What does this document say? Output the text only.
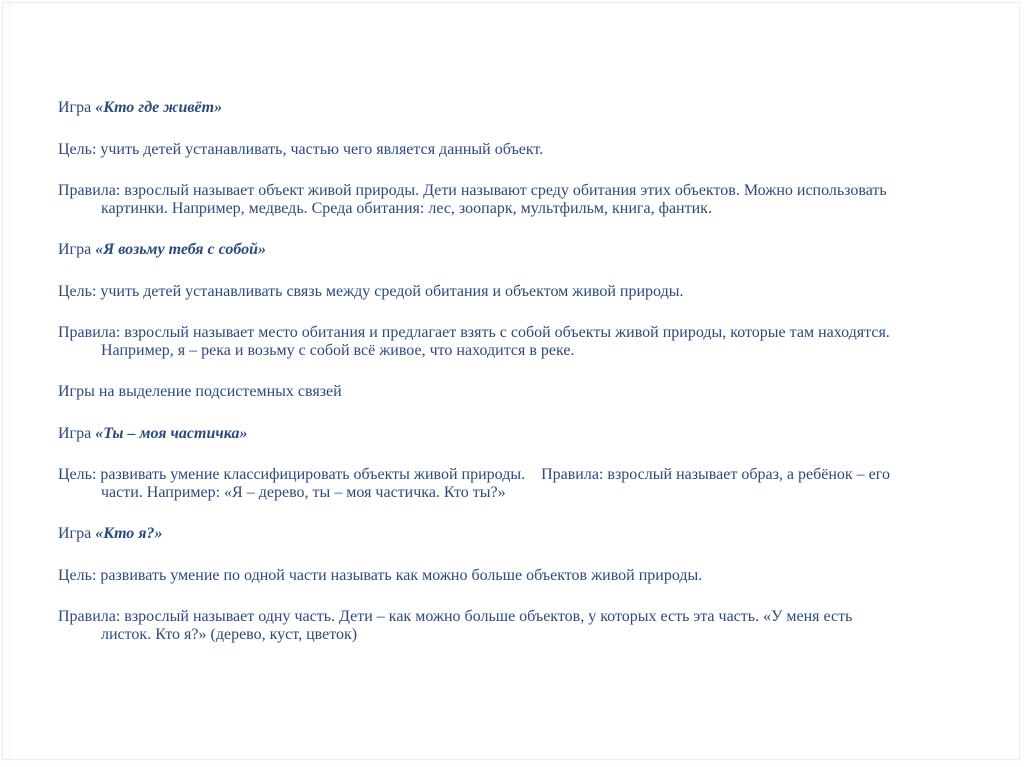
Игра «Кто где живёт»
Цель: учить детей устанавливать, частью чего является данный объект.
Правила: взрослый называет объект живой природы. Дети называют среду обитания этих объектов. Можно использовать
картинки. Например, медведь. Среда обитания: лес, зоопарк, мультфильм, книга, фантик.
Игра «Я возьму тебя с собой»
Цель: учить детей устанавливать связь между средой обитания и объектом живой природы.
Правила: взрослый называет место обитания и предлагает взять с собой объекты живой природы, которые там находятся.
Например, я – река и возьму с собой всё живое, что находится в реке.
Игры на выделение подсистемных связей
Игра «Ты – моя частичка»
Цель: развивать умение классифицировать объекты живой природы.    Правила: взрослый называет образ, а ребёнок – его
части. Например: «Я – дерево, ты – моя частичка. Кто ты?»
Игра «Кто я?»
Цель: развивать умение по одной части называть как можно больше объектов живой природы.
Правила: взрослый называет одну часть. Дети – как можно больше объектов, у которых есть эта часть. «У меня есть
листок. Кто я?» (дерево, куст, цветок)
